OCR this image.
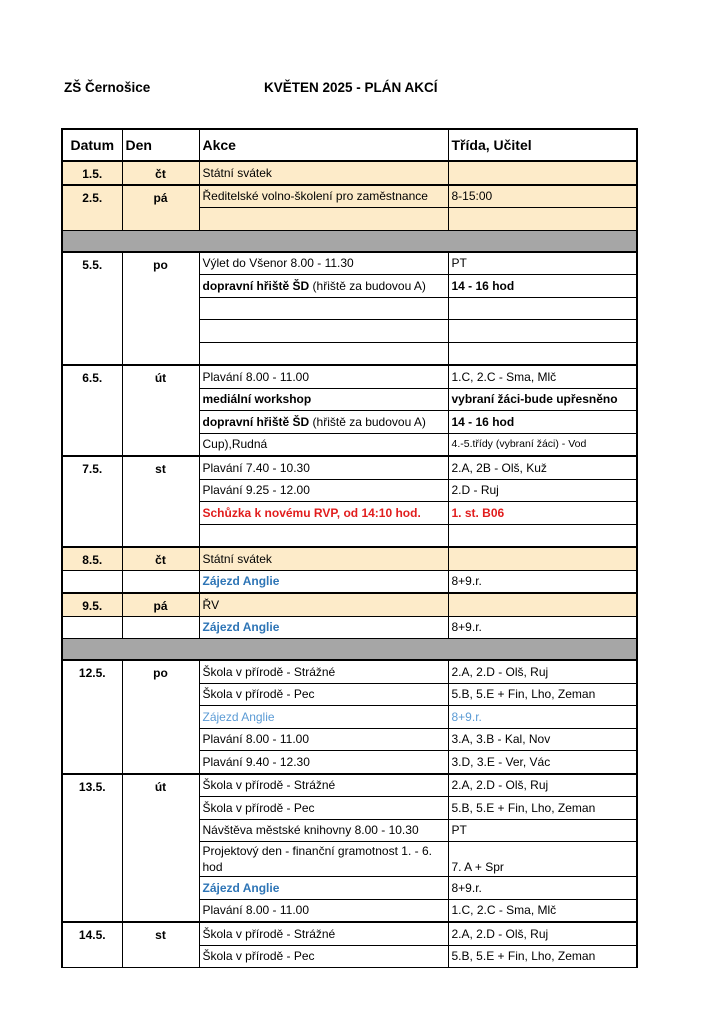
ZŠ Černošice	KVĚTEN 2025 - PLÁN AKCÍ
Datum	Den	Akce	Třída, Učitel
1.5.	čt	Státní svátek	
2.5.	pá	Ředitelské volno-školení pro zaměstnance	8-15:00

5.5.	po	Výlet do Všenor 8.00 - 11.30	PT
		dopravní hřiště ŠD (hřiště za budovou A)	14 - 16 hod

6.5.	út	Plavání 8.00 - 11.00	1.C, 2.C - Sma, Mlč
		mediální workshop	vybraní žáci-bude upřesněno
		dopravní hřiště ŠD (hřiště za budovou A)	14 - 16 hod
		Cup),Rudná	4.-5.třídy (vybraní žáci) - Vod
7.5.	st	Plavání 7.40 - 10.30	2.A, 2B - Olš, Kuž
		Plavání 9.25 - 12.00	2.D - Ruj
		Schůzka k novému RVP, od 14:10 hod.	1. st. B06

8.5.	čt	Státní svátek	
		Zájezd Anglie	8+9.r.
9.5.	pá	ŘV	
		Zájezd Anglie	8+9.r.

12.5.	po	Škola v přírodě - Strážné	2.A, 2.D - Olš, Ruj
		Škola v přírodě - Pec	5.B, 5.E + Fin, Lho, Zeman
		Zájezd Anglie	8+9.r.
		Plavání 8.00 - 11.00	3.A, 3.B - Kal, Nov
		Plavání 9.40 - 12.30	3.D, 3.E - Ver, Vác
13.5.	út	Škola v přírodě - Strážné	2.A, 2.D - Olš, Ruj
		Škola v přírodě - Pec	5.B, 5.E + Fin, Lho, Zeman
		Návštěva městské knihovny 8.00 - 10.30	PT
		Projektový den - finanční gramotnost 1. - 6. hod	7. A + Spr
		Zájezd Anglie	8+9.r.
		Plavání 8.00 - 11.00	1.C, 2.C - Sma, Mlč
14.5.	st	Škola v přírodě - Strážné	2.A, 2.D - Olš, Ruj
		Škola v přírodě - Pec	5.B, 5.E + Fin, Lho, Zeman
